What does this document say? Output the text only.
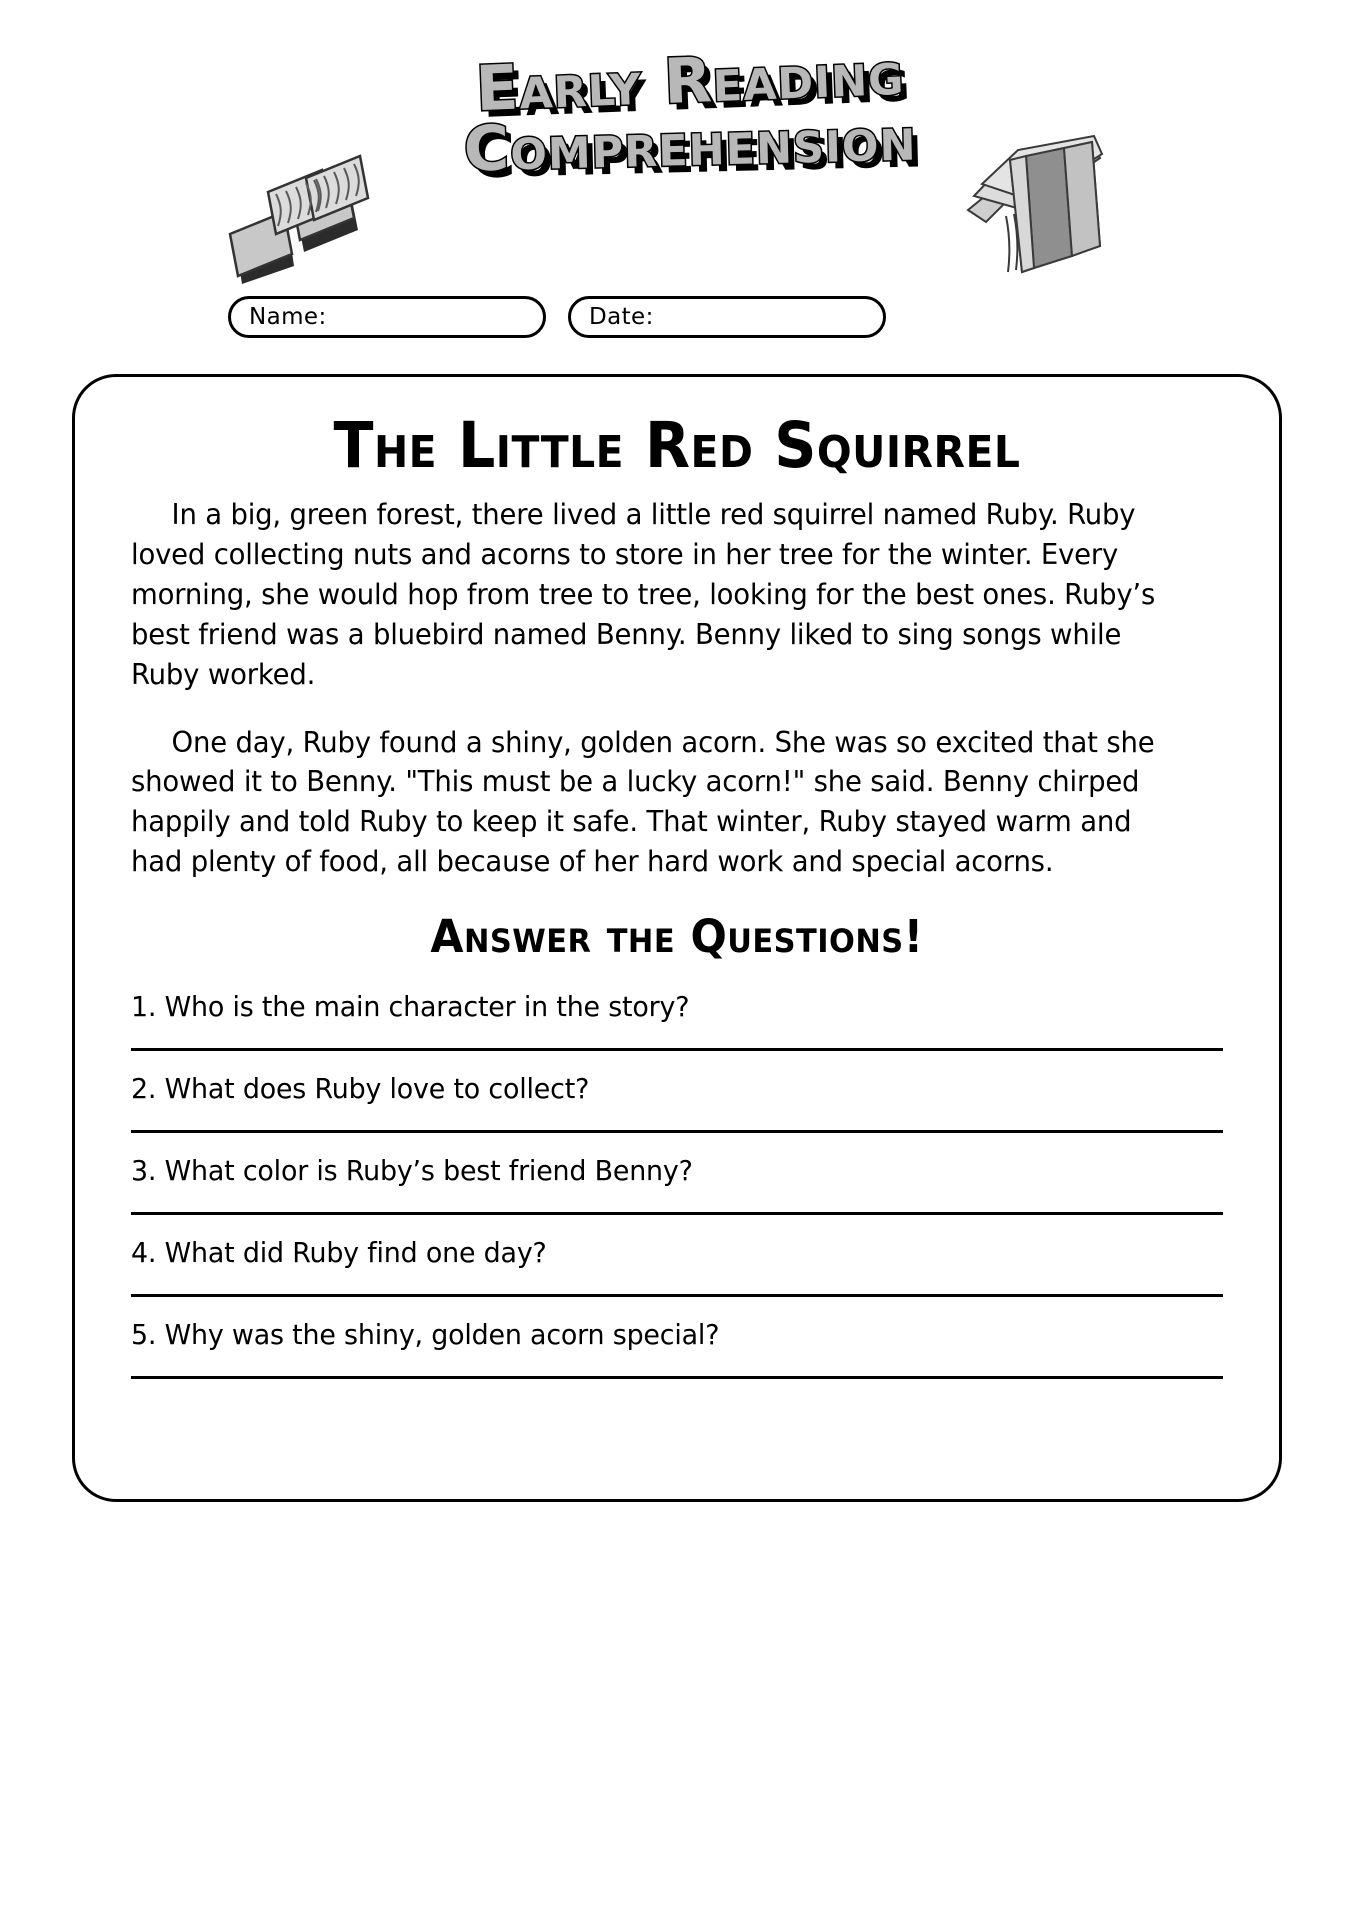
Early Reading
Comprehension
Name:	Date:
The Little Red Squirrel

In a big, green forest, there lived a little red squirrel named Ruby. Ruby loved collecting nuts and acorns to store in her tree for the winter. Every morning, she would hop from tree to tree, looking for the best ones. Ruby’s best friend was a bluebird named Benny. Benny liked to sing songs while Ruby worked.

One day, Ruby found a shiny, golden acorn. She was so excited that she showed it to Benny. "This must be a lucky acorn!" she said. Benny chirped happily and told Ruby to keep it safe. That winter, Ruby stayed warm and had plenty of food, all because of her hard work and special acorns.

Answer the Questions!
1. Who is the main character in the story?
2. What does Ruby love to collect?
3. What color is Ruby’s best friend Benny?
4. What did Ruby find one day?
5. Why was the shiny, golden acorn special?
